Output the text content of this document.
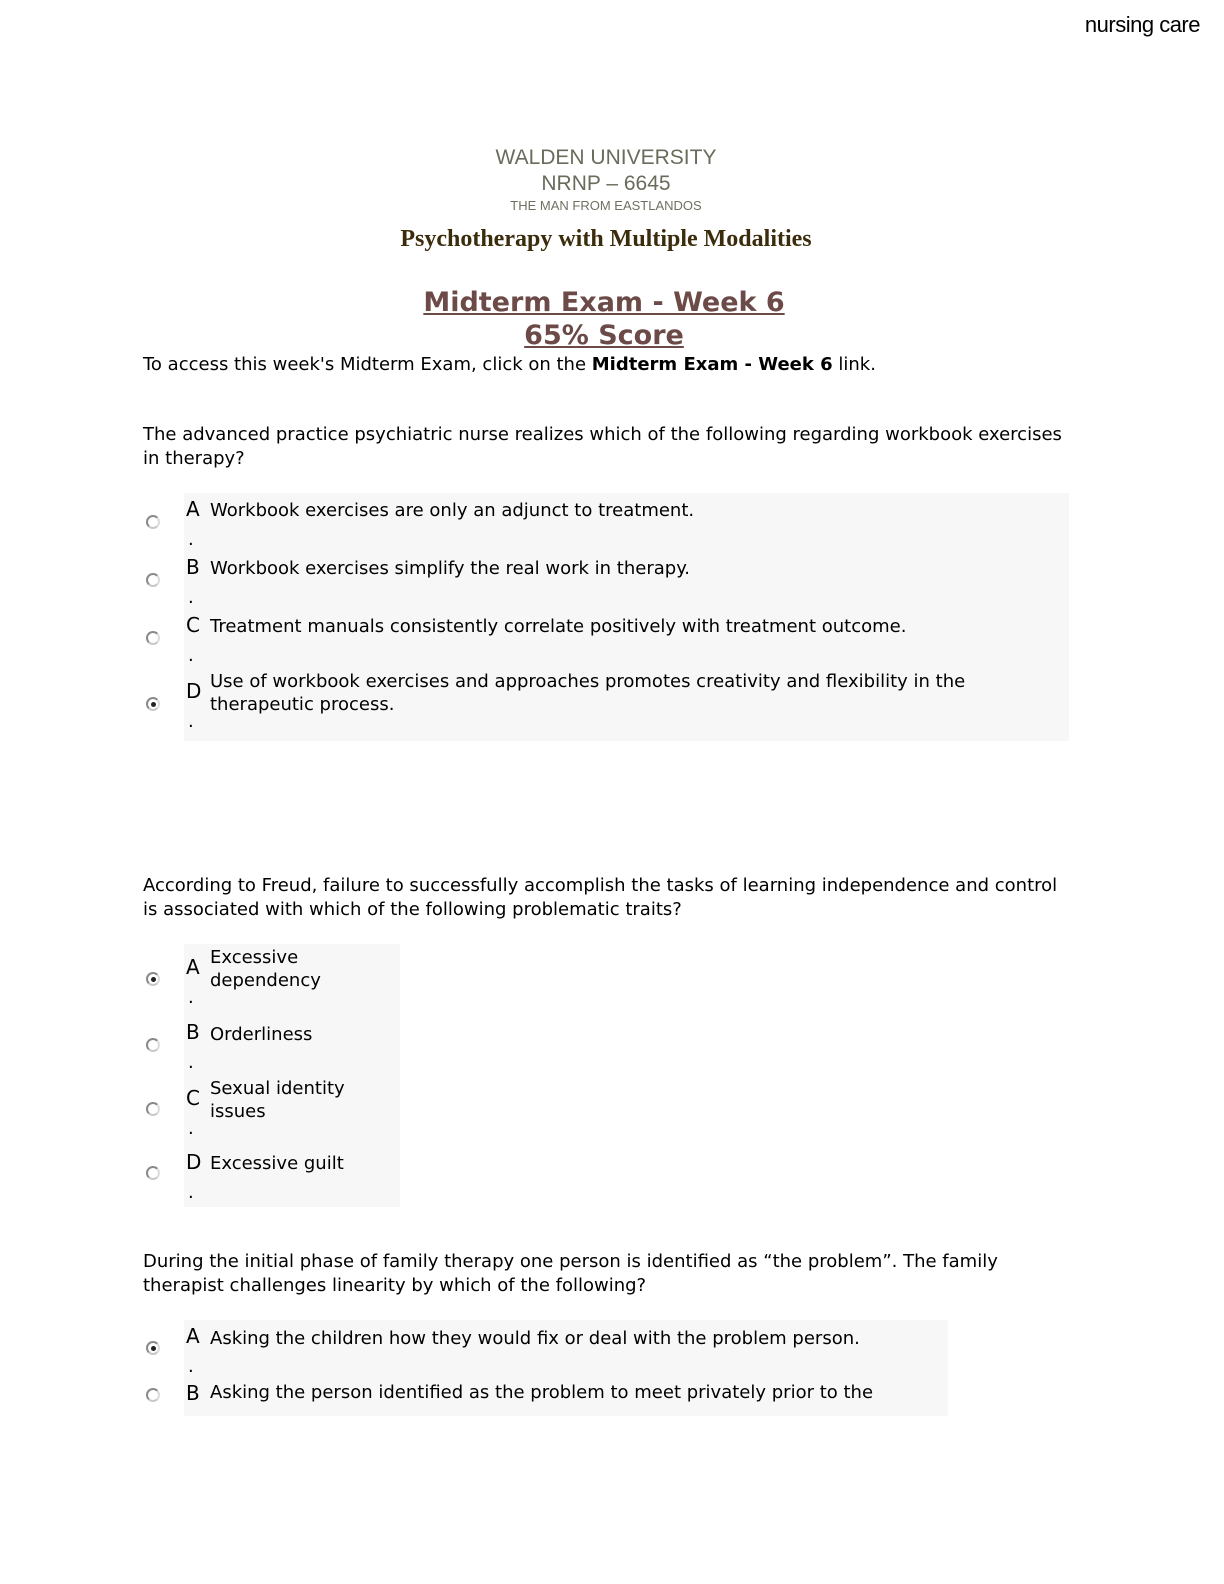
nursing care
WALDEN UNIVERSITY
NRNP – 6645
THE MAN FROM EASTLANDOS
Psychotherapy with Multiple Modalities
Midterm Exam - Week 6
65% Score
To access this week's Midterm Exam, click on the Midterm Exam - Week 6 link.
The advanced practice psychiatric nurse realizes which of the following regarding workbook exercises in therapy?
A
.
Workbook exercises are only an adjunct to treatment.
B
.
Workbook exercises simplify the real work in therapy.
C
.
Treatment manuals consistently correlate positively with treatment outcome.
D
.
Use of workbook exercises and approaches promotes creativity and flexibility in the therapeutic process.
According to Freud, failure to successfully accomplish the tasks of learning independence and control is associated with which of the following problematic traits?
A
.
Excessive dependency
B
.
Orderliness
C
.
Sexual identity issues
D
.
Excessive guilt
During the initial phase of family therapy one person is identified as “the problem”. The family therapist challenges linearity by which of the following?
A
.
Asking the children how they would fix or deal with the problem person.
B Asking the person identified as the problem to meet privately prior to the
